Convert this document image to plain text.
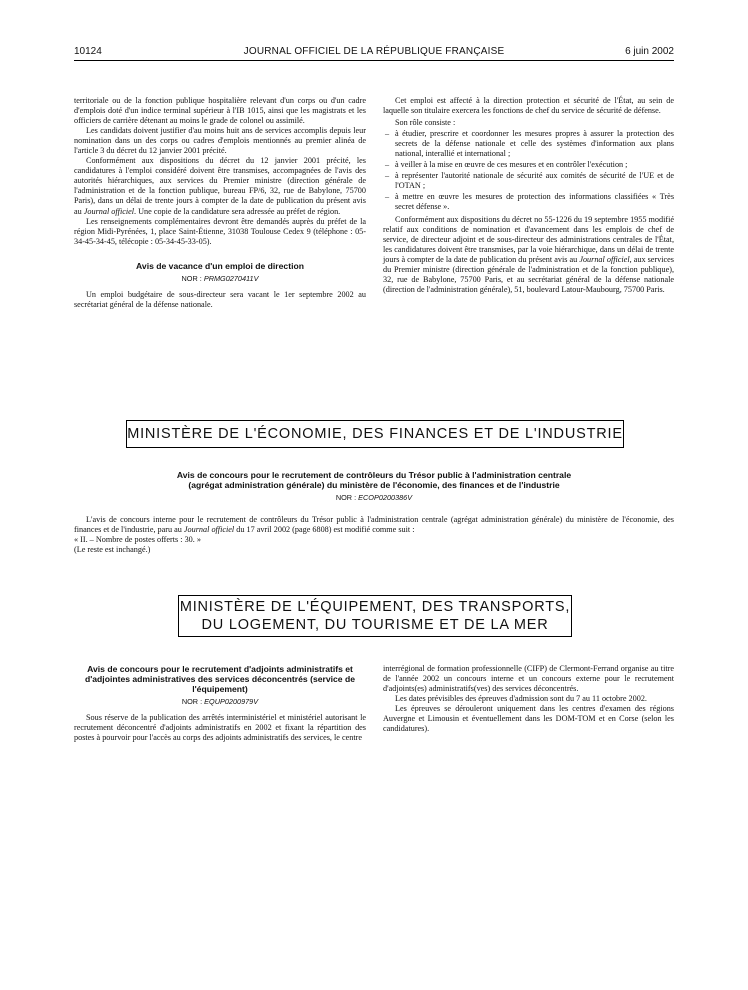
10124	JOURNAL OFFICIEL DE LA RÉPUBLIQUE FRANÇAISE	6 juin 2002

territoriale ou de la fonction publique hospitalière relevant d'un corps ou d'un cadre d'emplois doté d'un indice terminal supérieur à l'IB 1015, ainsi que les magistrats et les officiers de carrière détenant au moins le grade de colonel ou assimilé.

Les candidats doivent justifier d'au moins huit ans de services accomplis depuis leur nomination dans un des corps ou cadres d'emplois mentionnés au premier alinéa de l'article 3 du décret du 12 janvier 2001 précité.

Conformément aux dispositions du décret du 12 janvier 2001 précité, les candidatures à l'emploi considéré doivent être transmises, accompagnées de l'avis des autorités hiérarchiques, aux services du Premier ministre (direction générale de l'administration et de la fonction publique, bureau FP/6, 32, rue de Babylone, 75700 Paris), dans un délai de trente jours à compter de la date de publication du présent avis au Journal officiel. Une copie de la candidature sera adressée au préfet de région.

Les renseignements complémentaires devront être demandés auprès du préfet de la région Midi-Pyrénées, 1, place Saint-Étienne, 31038 Toulouse Cedex 9 (téléphone : 05-34-45-34-45, télécopie : 05-34-45-33-05).

Avis de vacance d'un emploi de direction
NOR : PRMG0270411V

Un emploi budgétaire de sous-directeur sera vacant le 1er septembre 2002 au secrétariat général de la défense nationale.

Cet emploi est affecté à la direction protection et sécurité de l'État, au sein de laquelle son titulaire exercera les fonctions de chef du service de sécurité de défense.

Son rôle consiste :

– à étudier, prescrire et coordonner les mesures propres à assurer la protection des secrets de la défense nationale et celle des systèmes d'information aux plans national, interallié et international ;
– à veiller à la mise en œuvre de ces mesures et en contrôler l'exécution ;
– à représenter l'autorité nationale de sécurité aux comités de sécurité de l'UE et de l'OTAN ;
– à mettre en œuvre les mesures de protection des informations classifiées « Très secret défense ».

Conformément aux dispositions du décret no 55-1226 du 19 septembre 1955 modifié relatif aux conditions de nomination et d'avancement dans les emplois de chef de service, de directeur adjoint et de sous-directeur des administrations centrales de l'État, les candidatures doivent être transmises, par la voie hiérarchique, dans un délai de trente jours à compter de la date de publication du présent avis au Journal officiel, aux services du Premier ministre (direction générale de l'administration et de la fonction publique), 32, rue de Babylone, 75700 Paris, et au secrétariat général de la défense nationale (direction de l'administration générale), 51, boulevard Latour-Maubourg, 75700 Paris.

MINISTÈRE DE L'ÉCONOMIE, DES FINANCES ET DE L'INDUSTRIE
Avis de concours pour le recrutement de contrôleurs du Trésor public à l'administration centrale
(agrégat administration générale) du ministère de l'économie, des finances et de l'industrie
NOR : ECOP0200386V

L'avis de concours interne pour le recrutement de contrôleurs du Trésor public à l'administration centrale (agrégat administration générale) du ministère de l'économie, des finances et de l'industrie, paru au Journal officiel du 17 avril 2002 (page 6808) est modifié comme suit :

« II. – Nombre de postes offerts : 30. »

(Le reste est inchangé.)

MINISTÈRE DE L'ÉQUIPEMENT, DES TRANSPORTS,
DU LOGEMENT, DU TOURISME ET DE LA MER
Avis de concours pour le recrutement d'adjoints administratifs et d'adjointes administratives des services déconcentrés (service de l'équipement)
NOR : EQUP0200979V

Sous réserve de la publication des arrêtés interministériel et ministériel autorisant le recrutement déconcentré d'adjoints administratifs en 2002 et fixant la répartition des postes à pourvoir pour l'accès au corps des adjoints administratifs des services, le centre

interrégional de formation professionnelle (CIFP) de Clermont-Ferrand organise au titre de l'année 2002 un concours interne et un concours externe pour le recrutement d'adjoints(es) administratifs(ves) des services déconcentrés.

Les dates prévisibles des épreuves d'admission sont du 7 au 11 octobre 2002.

Les épreuves se dérouleront uniquement dans les centres d'examen des régions Auvergne et Limousin et éventuellement dans les DOM-TOM et en Corse (selon les candidatures).
